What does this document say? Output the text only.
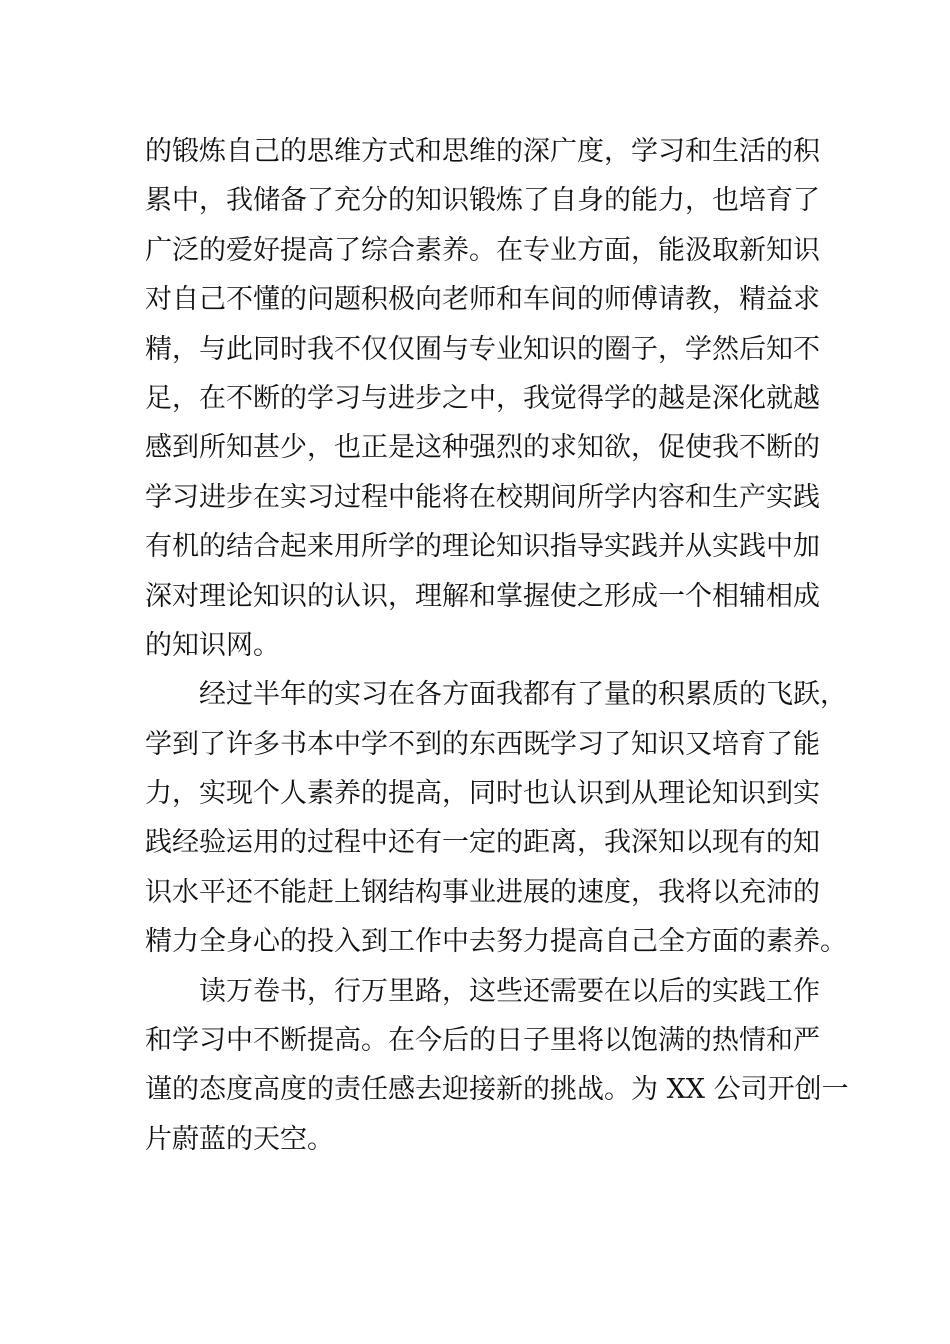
的锻炼自己的思维方式和思维的深广度，学习和生活的积
累中，我储备了充分的知识锻炼了自身的能力，也培育了
广泛的爱好提高了综合素养。在专业方面，能汲取新知识
对自己不懂的问题积极向老师和车间的师傅请教，精益求
精，与此同时我不仅仅囿与专业知识的圈子，学然后知不
足，在不断的学习与进步之中，我觉得学的越是深化就越
感到所知甚少，也正是这种强烈的求知欲，促使我不断的
学习进步在实习过程中能将在校期间所学内容和生产实践
有机的结合起来用所学的理论知识指导实践并从实践中加
深对理论知识的认识，理解和掌握使之形成一个相辅相成
的知识网。
　　经过半年的实习在各方面我都有了量的积累质的飞跃，
学到了许多书本中学不到的东西既学习了知识又培育了能
力，实现个人素养的提高，同时也认识到从理论知识到实
践经验运用的过程中还有一定的距离，我深知以现有的知
识水平还不能赶上钢结构事业进展的速度，我将以充沛的
精力全身心的投入到工作中去努力提高自己全方面的素养。
　　读万卷书，行万里路，这些还需要在以后的实践工作
和学习中不断提高。在今后的日子里将以饱满的热情和严
谨的态度高度的责任感去迎接新的挑战。为 XX 公司开创一
片蔚蓝的天空。
